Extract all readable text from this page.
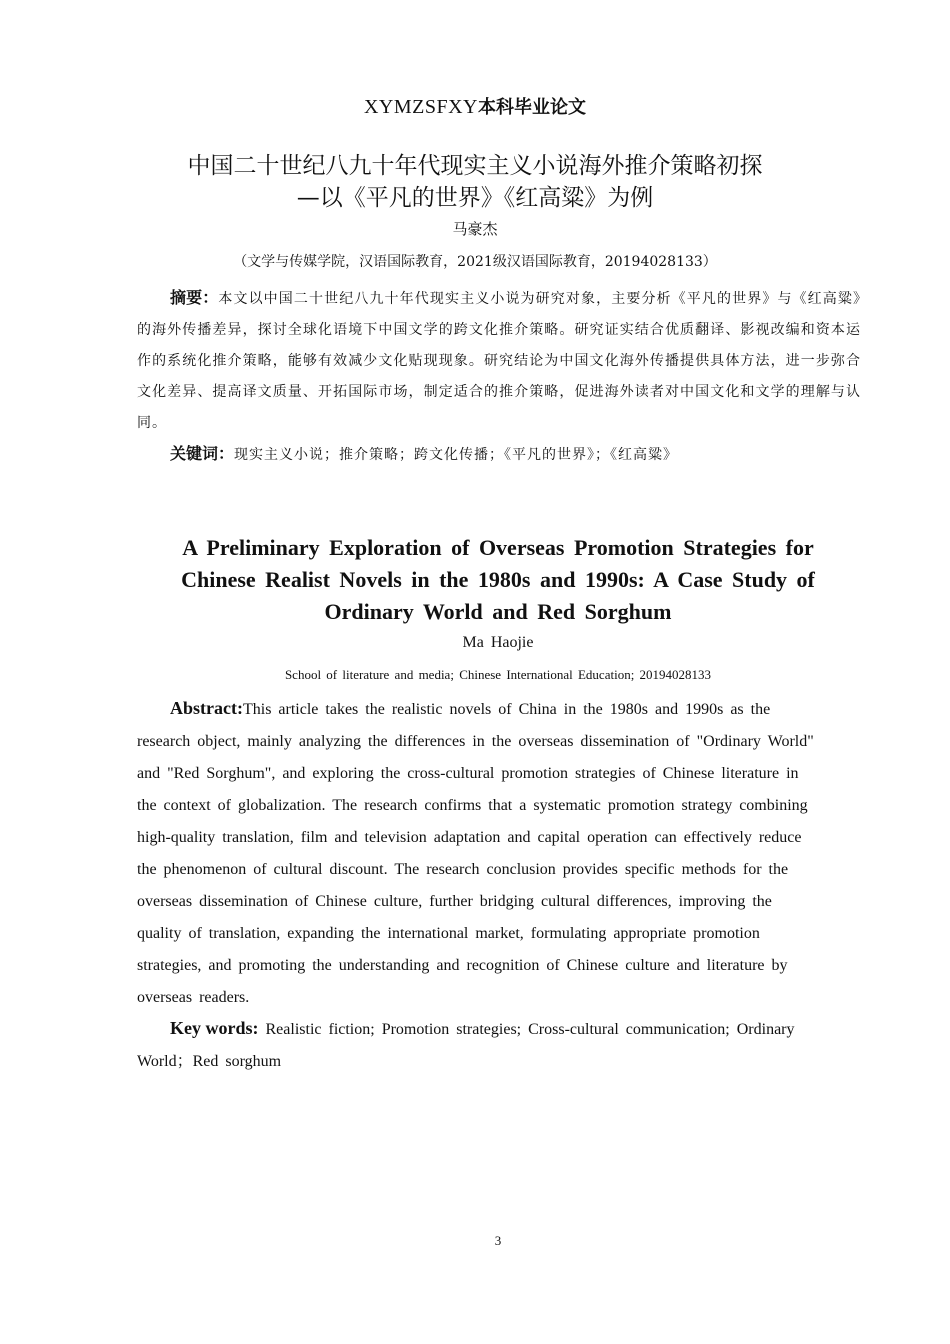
XYMZSFXY本科毕业论文
中国二十世纪八九十年代现实主义小说海外推介策略初探
—以《平凡的世界》《红高粱》为例
马豪杰
（文学与传媒学院，汉语国际教育，2021级汉语国际教育，20194028133）
摘要：本文以中国二十世纪八九十年代现实主义小说为研究对象，主要分析《平凡的世界》与《红高粱》的海外传播差异，探讨全球化语境下中国文学的跨文化推介策略。研究证实结合优质翻译、影视改编和资本运作的系统化推介策略，能够有效减少文化贴现现象。研究结论为中国文化海外传播提供具体方法，进一步弥合文化差异、提高译文质量、开拓国际市场，制定适合的推介策略，促进海外读者对中国文化和文学的理解与认同。
关键词：现实主义小说；推介策略；跨文化传播；《平凡的世界》；《红高粱》
A Preliminary Exploration of Overseas Promotion Strategies for Chinese Realist Novels in the 1980s and 1990s: A Case Study of Ordinary World and Red Sorghum
Ma Haojie
School of literature and media; Chinese International Education; 20194028133
Abstract:This article takes the realistic novels of China in the 1980s and 1990s as the research object, mainly analyzing the differences in the overseas dissemination of "Ordinary World" and "Red Sorghum", and exploring the cross-cultural promotion strategies of Chinese literature in the context of globalization. The research confirms that a systematic promotion strategy combining high-quality translation, film and television adaptation and capital operation can effectively reduce the phenomenon of cultural discount. The research conclusion provides specific methods for the overseas dissemination of Chinese culture, further bridging cultural differences, improving the quality of translation, expanding the international market, formulating appropriate promotion strategies, and promoting the understanding and recognition of Chinese culture and literature by overseas readers.
Key words: Realistic fiction; Promotion strategies; Cross-cultural communication; Ordinary World；Red sorghum
3
